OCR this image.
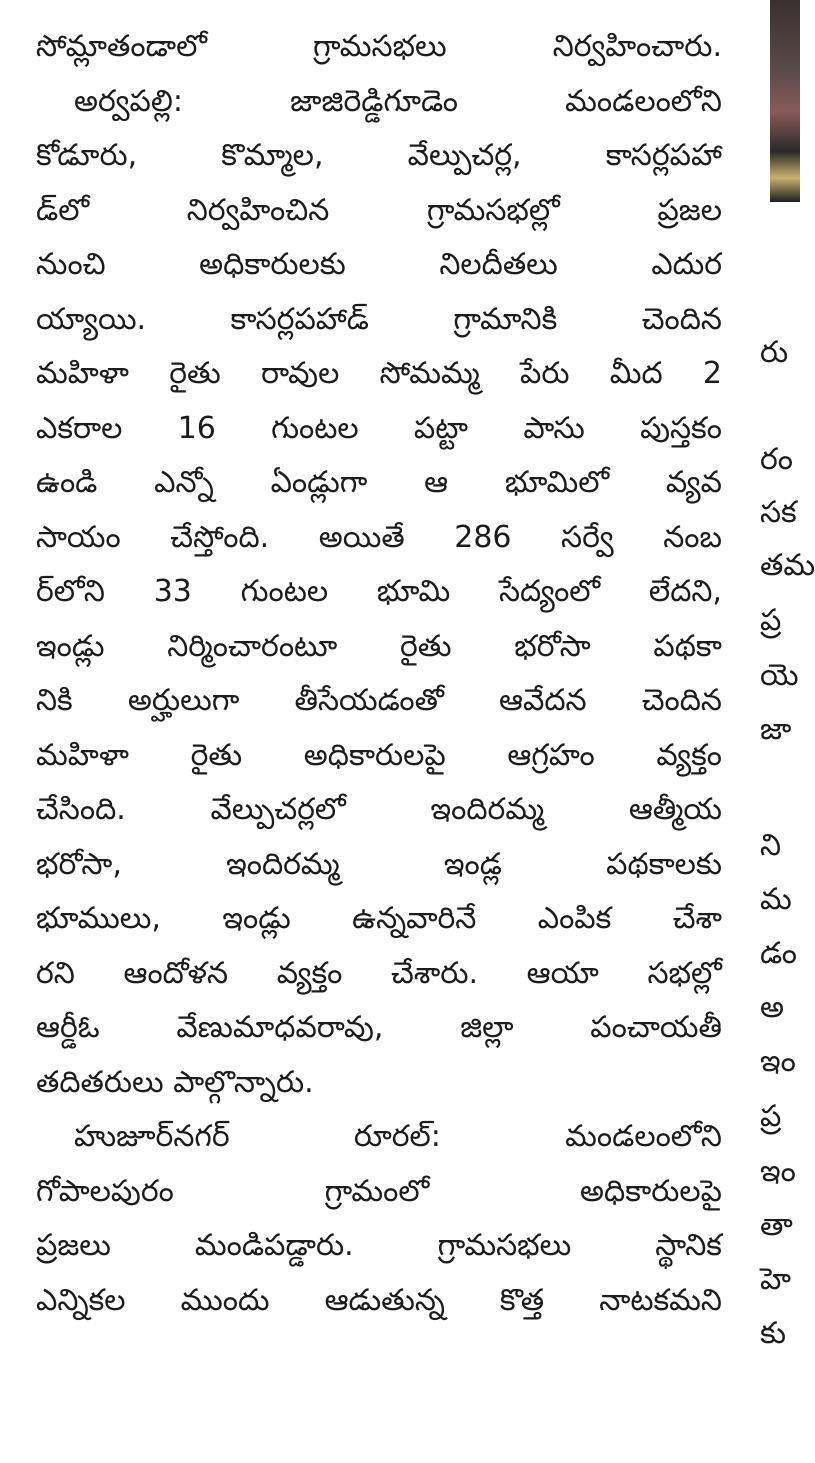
సోమ్లాతండాలో	గ్రామసభలు	నిర్వహించారు.
అర్వపల్లి:	జాజిరెడ్డిగూడెం	మండలంలోని
కోడూరు,	కొమ్మాల,	వేల్పుచర్ల,	కాసర్లపహా
డ్‌లో	నిర్వహించిన	గ్రామసభల్లో	ప్రజల
నుంచి	అధికారులకు	నిలదీతలు	ఎదుర
య్యాయి.	కాసర్లపహాడ్	గ్రామానికి	చెందిన
మహిళా రైతు రావుల సోమమ్మ పేరు మీద 2
ఎకరాల 16 గుంటల పట్టా పాసు పుస్తకం
ఉండి ఎన్నో ఏండ్లుగా ఆ భూమిలో వ్యవ
సాయం చేస్తోంది. అయితే 286 సర్వే నంబ
ర్‌లోని 33 గుంటల భూమి సేద్యంలో లేదని,
ఇండ్లు నిర్మించారంటూ రైతు భరోసా పథకా
నికి అర్హులుగా తీసేయడంతో ఆవేదన చెందిన
మహిళా రైతు అధికారులపై ఆగ్రహం వ్యక్తం
చేసింది.	వేల్పుచర్లలో	ఇందిరమ్మ	ఆత్మీయ
భరోసా,	ఇందిరమ్మ	ఇండ్ల	పథకాలకు
భూములు, ఇండ్లు ఉన్నవారినే ఎంపిక చేశా
రని ఆందోళన వ్యక్తం చేశారు. ఆయా సభల్లో
ఆర్డీఓ	వేణుమాధవరావు,	జిల్లా	పంచాయతీ
తదితరులు పాల్గొన్నారు.
హుజూర్‌నగర్	రూరల్:	మండలంలోని
గోపాలపురం	గ్రామంలో	అధికారులపై
ప్రజలు	మండిపడ్డారు.	గ్రామసభలు	స్థానిక
ఎన్నికల ముందు ఆడుతున్న కొత్త నాటకమని
రు
రం
సక
తమ
ప్ర
యె
జా
ని
మ
డం
అ
ఇం
ప్ర
ఇం
తా
హె
కు
